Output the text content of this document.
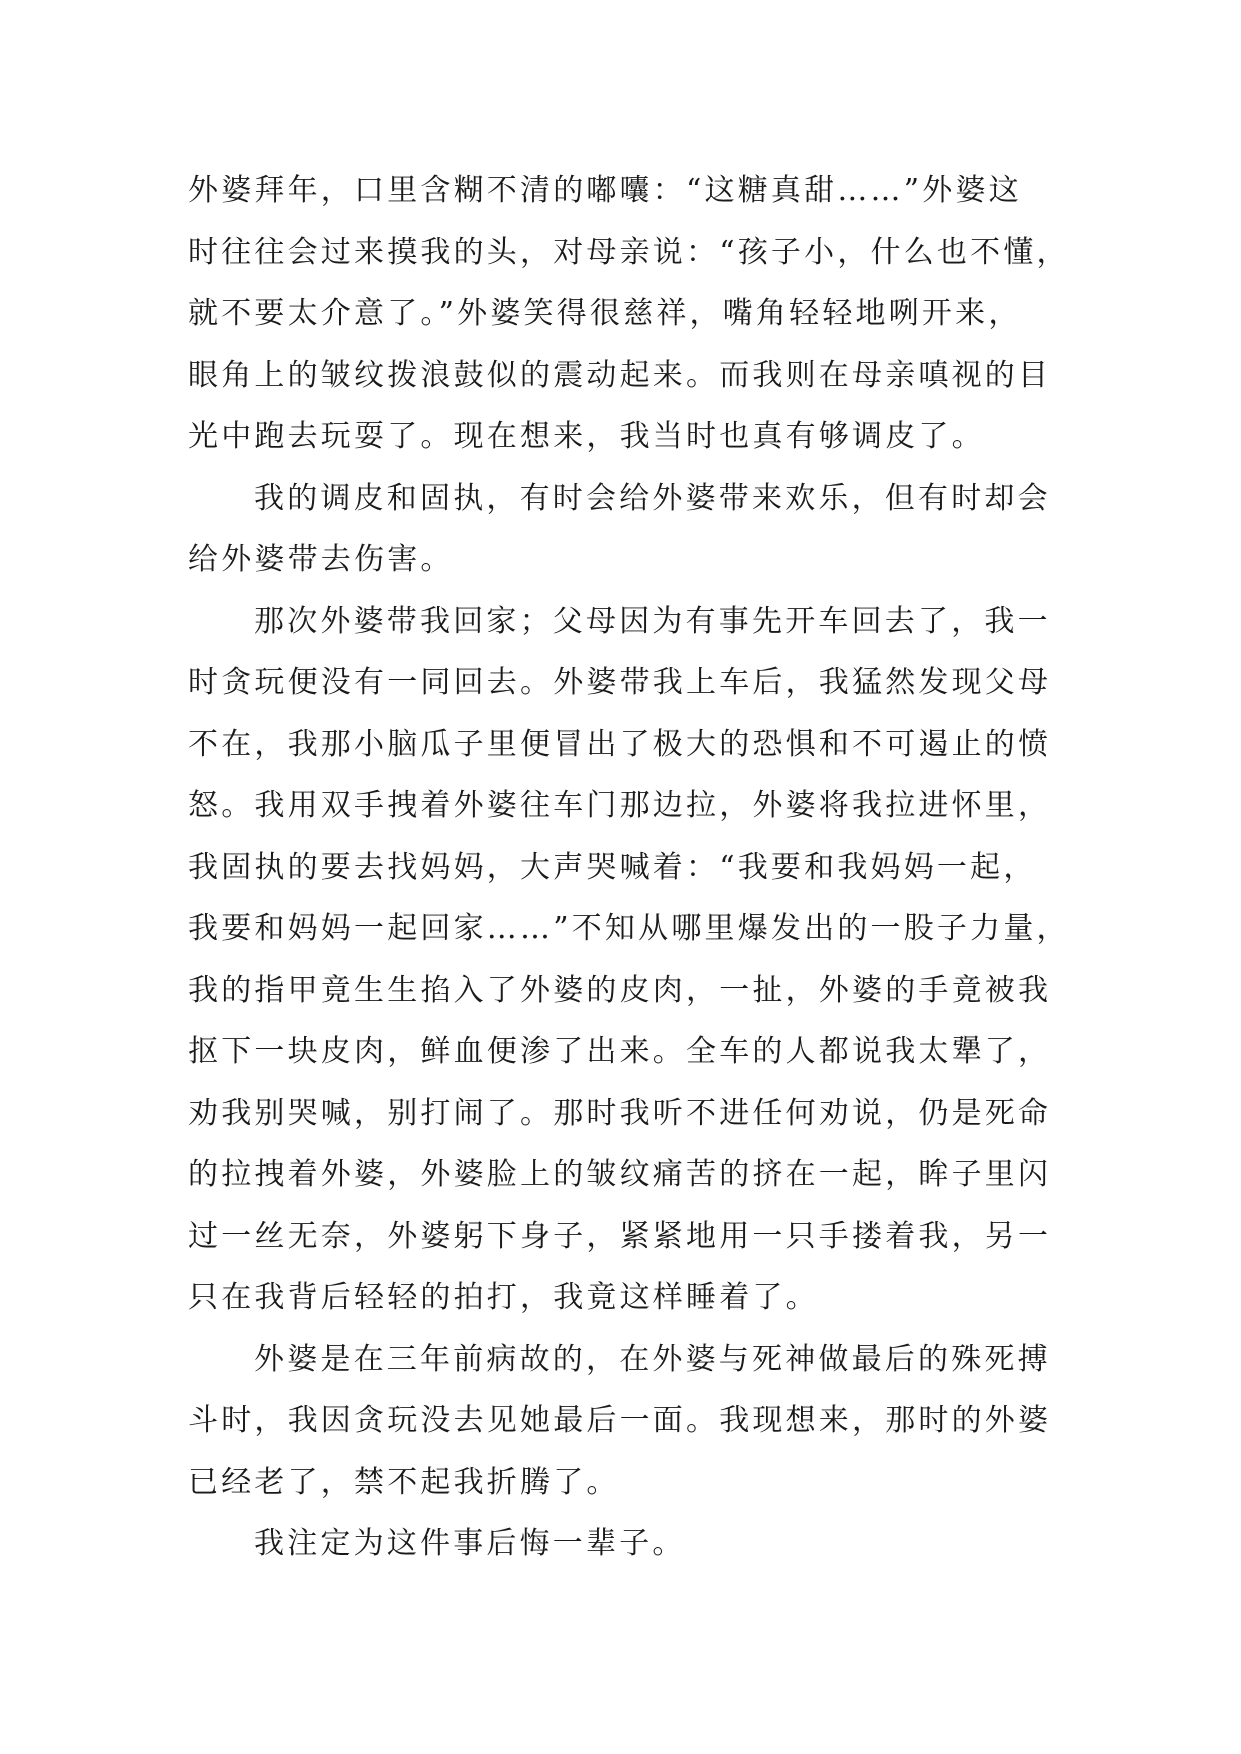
外婆拜年，口里含糊不清的嘟囔：“这糖真甜……”外婆这
时往往会过来摸我的头，对母亲说：“孩子小，什么也不懂，
就不要太介意了。”外婆笑得很慈祥，嘴角轻轻地咧开来，
眼角上的皱纹拨浪鼓似的震动起来。而我则在母亲嗔视的目
光中跑去玩耍了。现在想来，我当时也真有够调皮了。
我的调皮和固执，有时会给外婆带来欢乐，但有时却会
给外婆带去伤害。
那次外婆带我回家；父母因为有事先开车回去了，我一
时贪玩便没有一同回去。外婆带我上车后，我猛然发现父母
不在，我那小脑瓜子里便冒出了极大的恐惧和不可遏止的愤
怒。我用双手拽着外婆往车门那边拉，外婆将我拉进怀里，
我固执的要去找妈妈，大声哭喊着：“我要和我妈妈一起，
我要和妈妈一起回家……”不知从哪里爆发出的一股子力量，
我的指甲竟生生掐入了外婆的皮肉，一扯，外婆的手竟被我
抠下一块皮肉，鲜血便渗了出来。全车的人都说我太犟了，
劝我别哭喊，别打闹了。那时我听不进任何劝说，仍是死命
的拉拽着外婆，外婆脸上的皱纹痛苦的挤在一起，眸子里闪
过一丝无奈，外婆躬下身子，紧紧地用一只手搂着我，另一
只在我背后轻轻的拍打，我竟这样睡着了。
外婆是在三年前病故的，在外婆与死神做最后的殊死搏
斗时，我因贪玩没去见她最后一面。我现想来，那时的外婆
已经老了，禁不起我折腾了。
我注定为这件事后悔一辈子。
